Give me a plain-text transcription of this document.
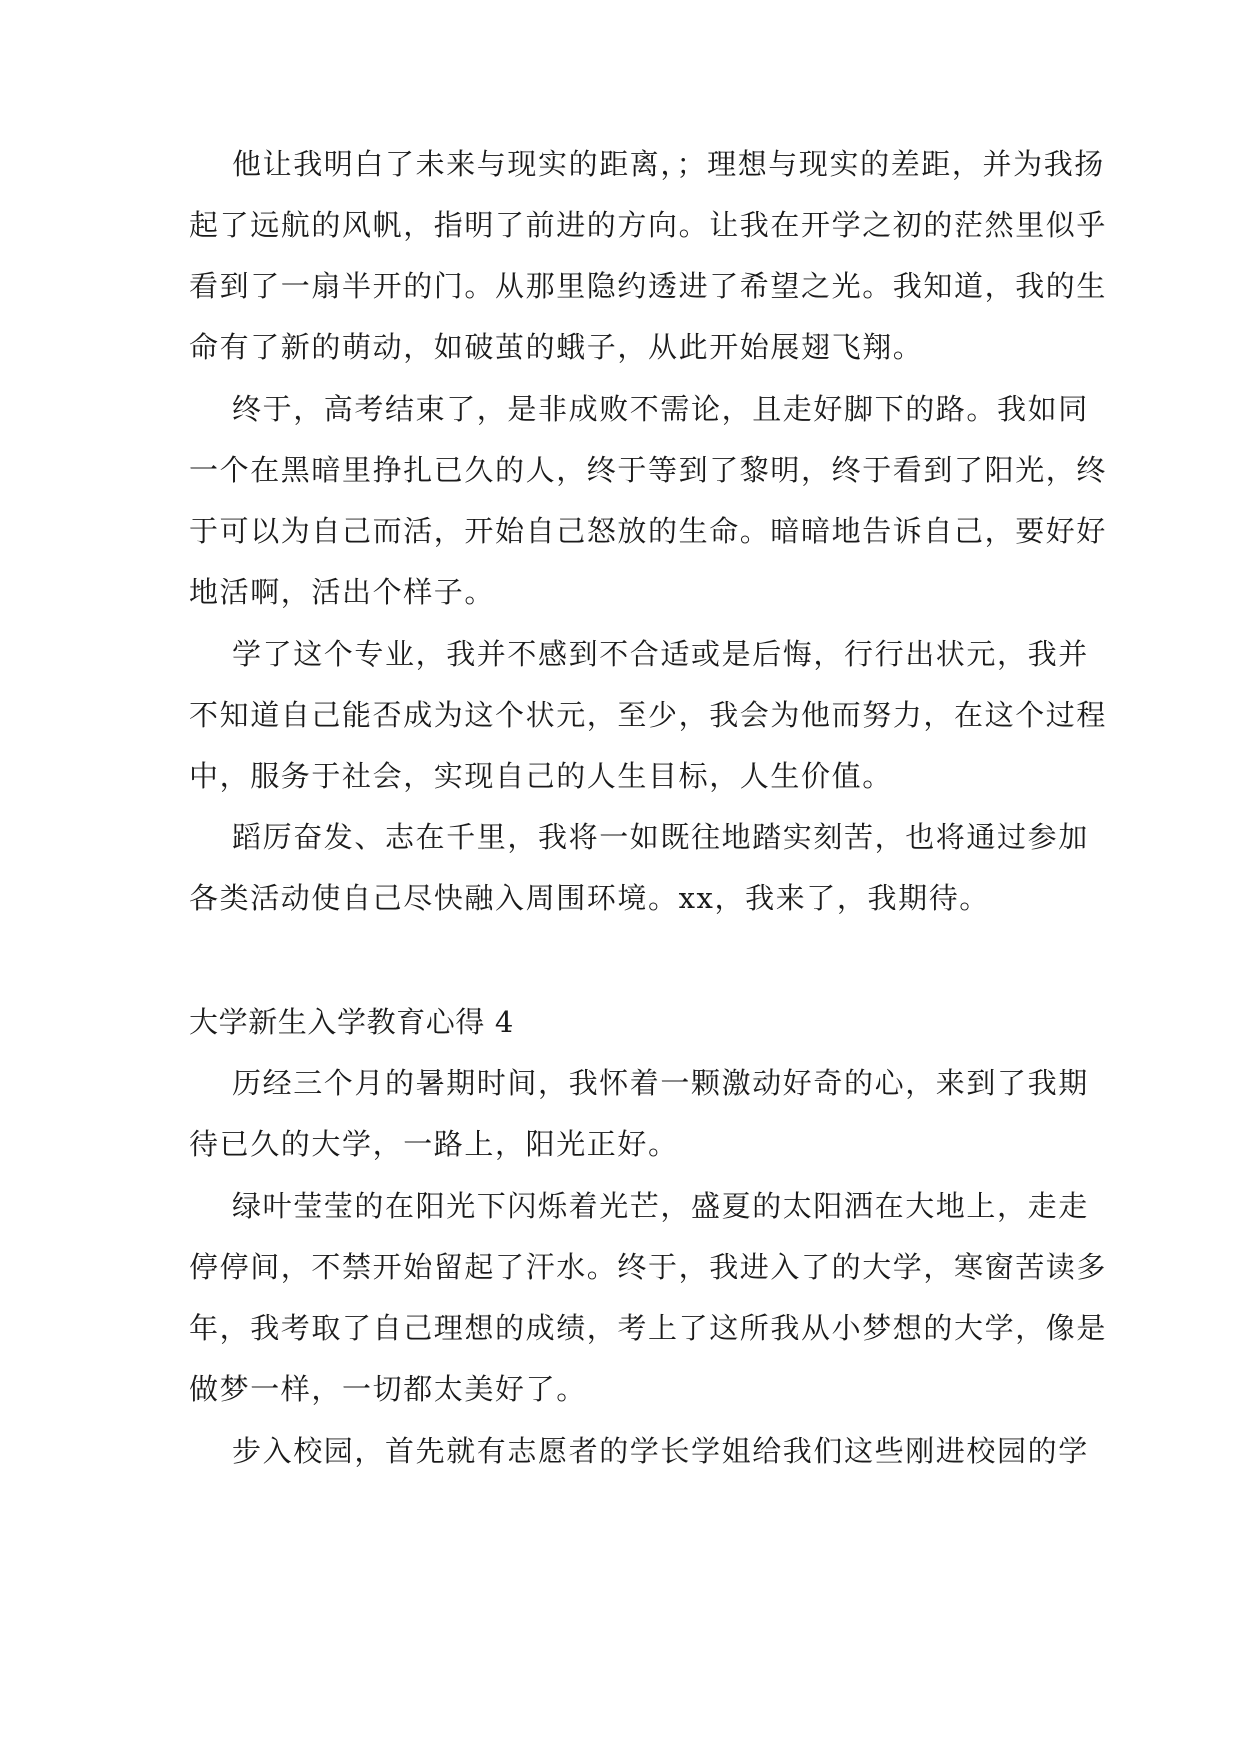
他让我明白了未来与现实的距离，；理想与现实的差距，并为我扬

起了远航的风帆，指明了前进的方向。让我在开学之初的茫然里似乎

看到了一扇半开的门。从那里隐约透进了希望之光。我知道，我的生

命有了新的萌动，如破茧的蛾子，从此开始展翅飞翔。

终于，高考结束了，是非成败不需论，且走好脚下的路。我如同

一个在黑暗里挣扎已久的人，终于等到了黎明，终于看到了阳光，终

于可以为自己而活，开始自己怒放的生命。暗暗地告诉自己，要好好

地活啊，活出个样子。

学了这个专业，我并不感到不合适或是后悔，行行出状元，我并

不知道自己能否成为这个状元，至少，我会为他而努力，在这个过程

中，服务于社会，实现自己的人生目标，人生价值。

蹈厉奋发、志在千里，我将一如既往地踏实刻苦，也将通过参加

各类活动使自己尽快融入周围环境。xx，我来了，我期待。

大学新生入学教育心得 4

历经三个月的暑期时间，我怀着一颗激动好奇的心，来到了我期

待已久的大学，一路上，阳光正好。

绿叶莹莹的在阳光下闪烁着光芒，盛夏的太阳洒在大地上，走走

停停间，不禁开始留起了汗水。终于，我进入了的大学，寒窗苦读多

年，我考取了自己理想的成绩，考上了这所我从小梦想的大学，像是

做梦一样，一切都太美好了。

步入校园，首先就有志愿者的学长学姐给我们这些刚进校园的学
